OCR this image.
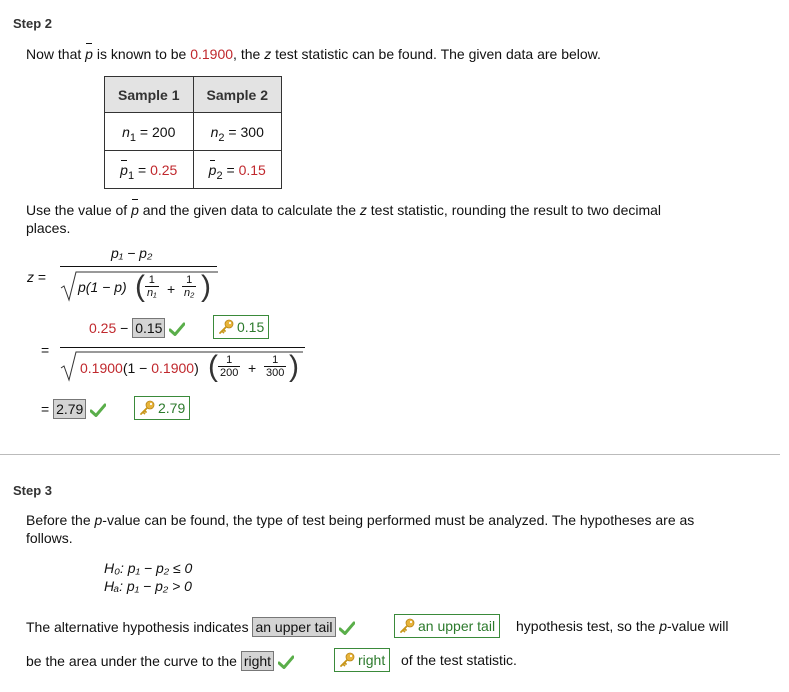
Step 2
Now that p is known to be 0.1900, the z test statistic can be found. The given data are below.
Sample 1	Sample 2
$n_1 = 200$	$n_2 = 300$
$p_1 = 0.25$	$p_2 = 0.15$
Use the value of p and the given data to calculate the z test statistic, rounding the result to two decimal
places.
z =
p₁ − p₂
p(1 − p) ( 1
n₁ +
1
n₂ )
0.25 − 0.15	0.15
=
0.1900(1 − 0.1900) ( 1
200 +	1
300 )
= 2.79	2.79
Step 3
Before the p-value can be found, the type of test being performed must be analyzed. The hypotheses are as
follows.
H₀: p₁ − p₂ ≤ 0
Hₐ: p₁ − p₂ > 0
The alternative hypothesis indicates an upper tail	an upper tail	hypothesis test, so the p-value will
be the area under the curve to the right	right	of the test statistic.
